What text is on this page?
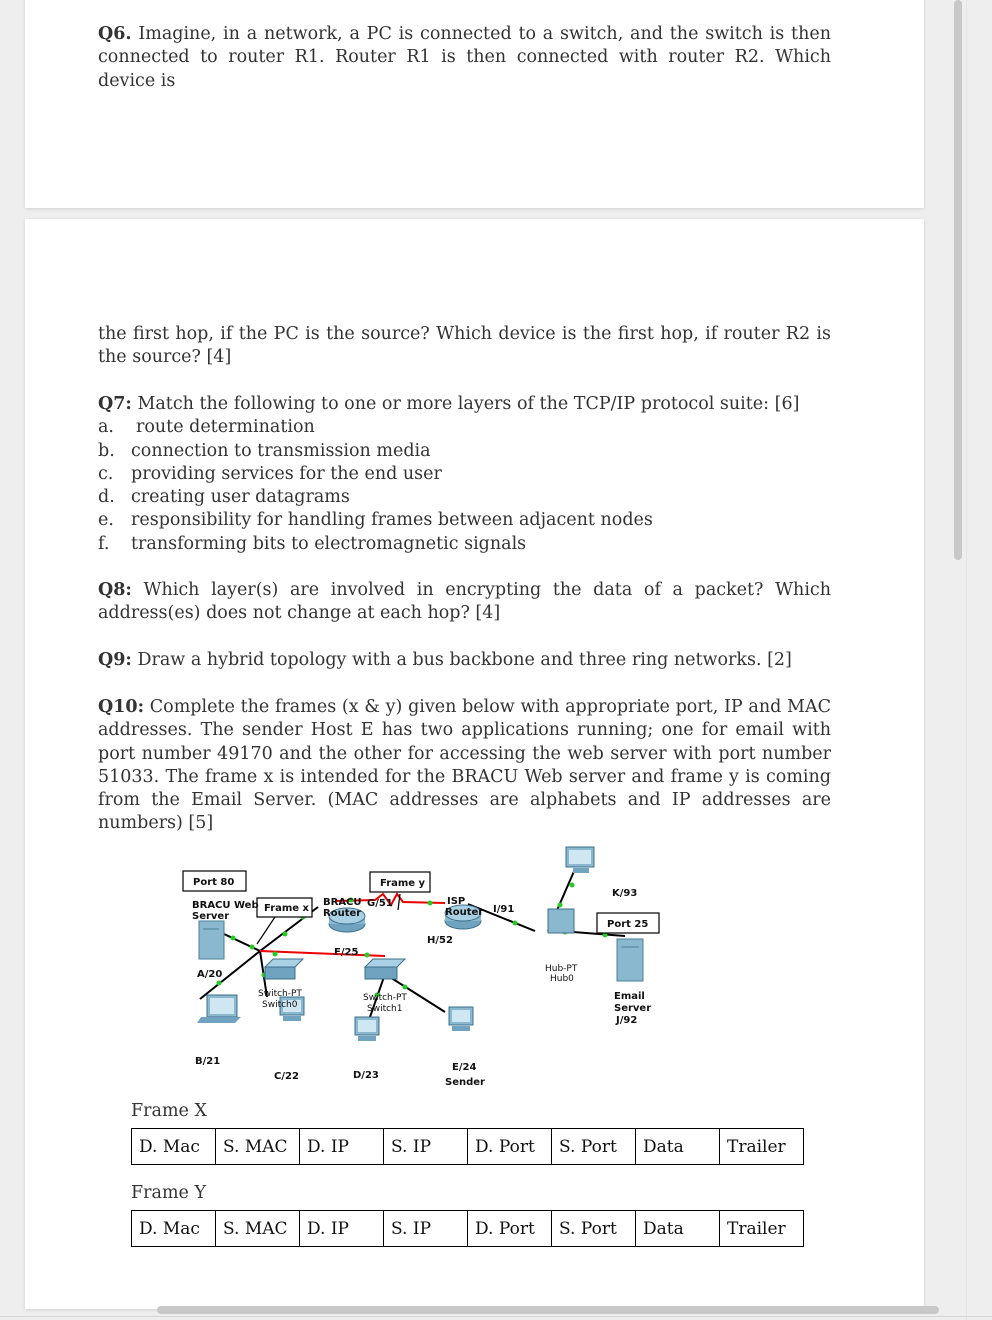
Q6. Imagine, in a network, a PC is connected to a switch, and the switch is then connected to router R1. Router R1 is then connected with router R2. Which device is
the first hop, if the PC is the source? Which device is the first hop, if router R2 is the source? [4]
Q7: Match the following to one or more layers of the TCP/IP protocol suite: [6]
a.	route determination
b. connection to transmission media
c.	providing services for the end user
d. creating user datagrams
e. responsibility for handling frames between adjacent nodes
f.	transforming bits to electromagnetic signals
Q8: Which layer(s) are involved in encrypting the data of a packet? Which address(es) does not change at each hop? [4]
Q9: Draw a hybrid topology with a bus backbone and three ring networks. [2]
Q10: Complete the frames (x & y) given below with appropriate port, IP and MAC addresses. The sender Host E has two applications running; one for email with port number 49170 and the other for accessing the web server with port number 51033. The frame x is intended for the BRACU Web server and frame y is coming from the Email Server. (MAC addresses are alphabets and IP addresses are numbers) [5]
Port 80	Frame y
Frame x
BRACU Web
Server
BRACU
Router
G/51	ISP
Router I/91
K/93
Port 25
H/52
F/25
A/20	Hub-PT
Hub0
Switch-PT
Switch0
Switch-PT
Switch1
Email
Server
J/92
B/21
C/22	D/23
E/24
Sender
Frame X
D. Mac	S. MAC	D. IP	S. IP	D. Port	S. Port	Data	Trailer
Frame Y
D. Mac	S. MAC	D. IP	S. IP	D. Port	S. Port	Data	Trailer
